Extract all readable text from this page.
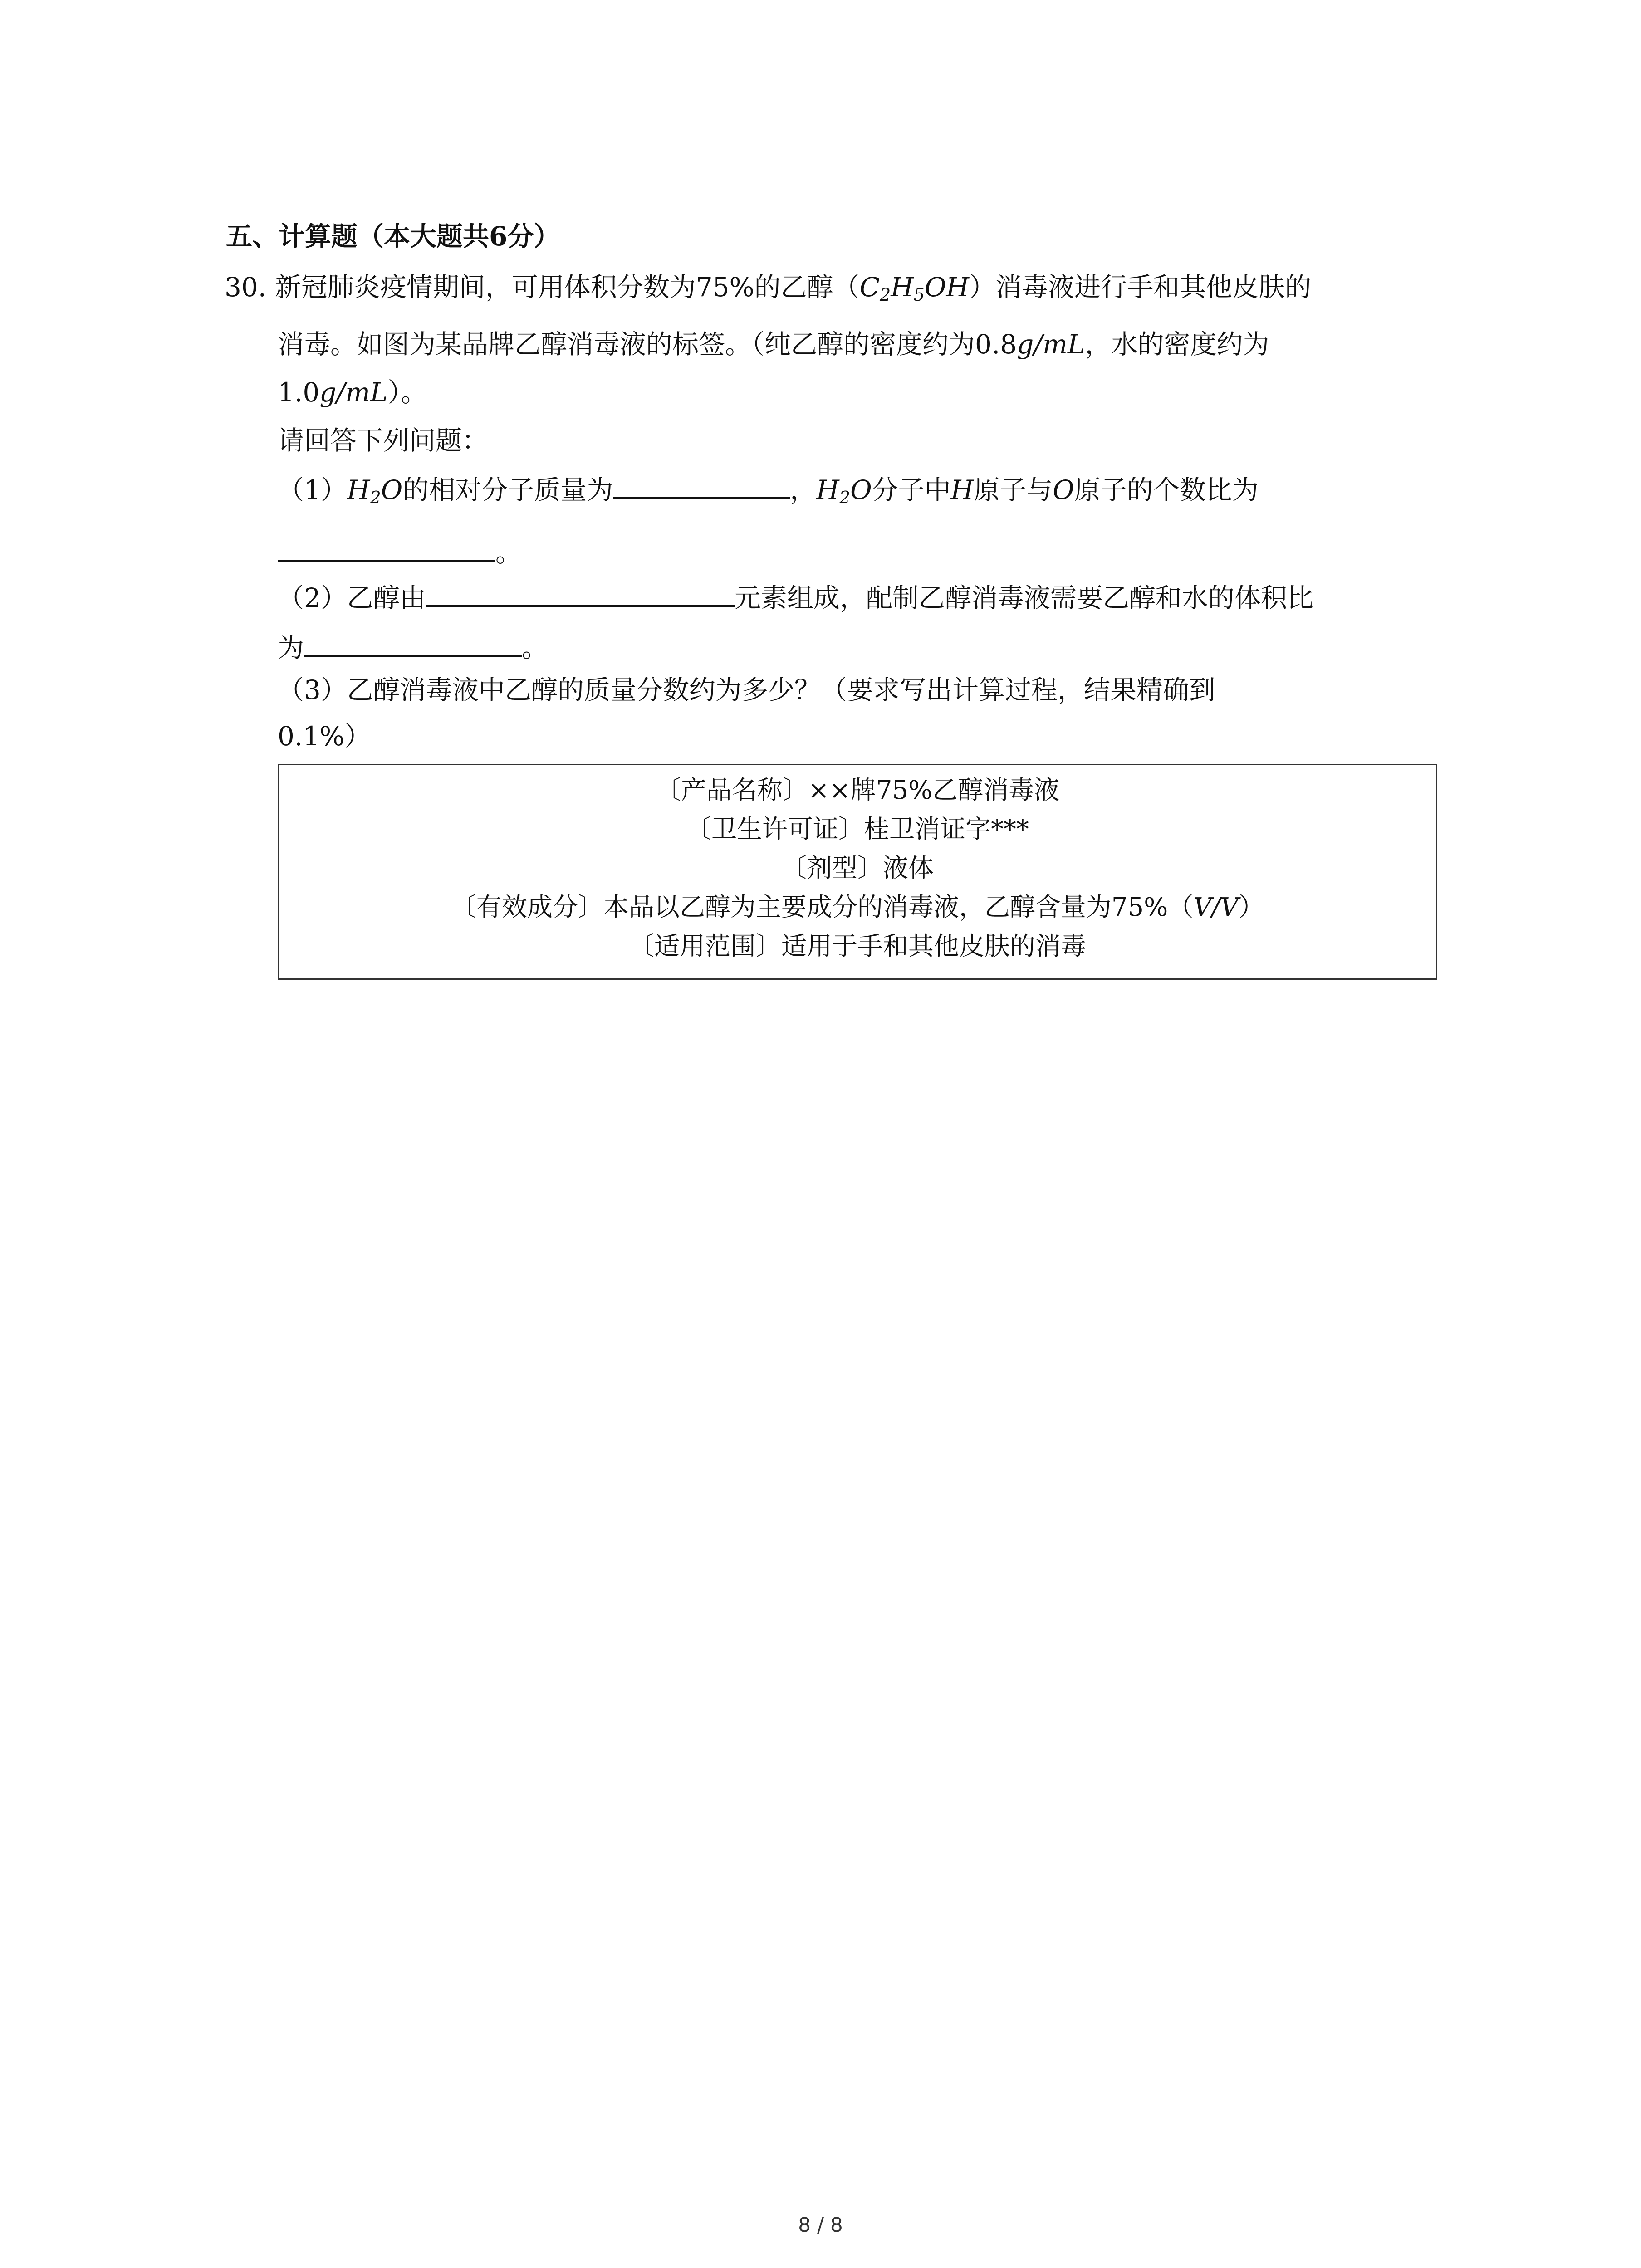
五、计算题（本大题共6分）
30. 新冠肺炎疫情期间，可用体积分数为75%的乙醇$(C_2H_5OH)$消毒液进行手和其他皮肤的
消毒。如图为某品牌乙醇消毒液的标签。（纯乙醇的密度约为0.8g/mL，水的密度约为
1.0g/mL）。
请回答下列问题：
$(1)H_2O$的相对分子质量为	，$H_2O$分子中H原子与O原子的个数比为
。
（2）乙醇由	元素组成，配制乙醇消毒液需要乙醇和水的体积比
为	。
（3）乙醇消毒液中乙醇的质量分数约为多少？（要求写出计算过程，结果精确到
0.1%）
〔产品名称〕××牌75%乙醇消毒液
〔卫生许可证〕桂卫消证字***
〔剂型〕液体
〔有效成分〕本品以乙醇为主要成分的消毒液，乙醇含量为75%（V/V）
〔适用范围〕适用于手和其他皮肤的消毒
8 / 8
